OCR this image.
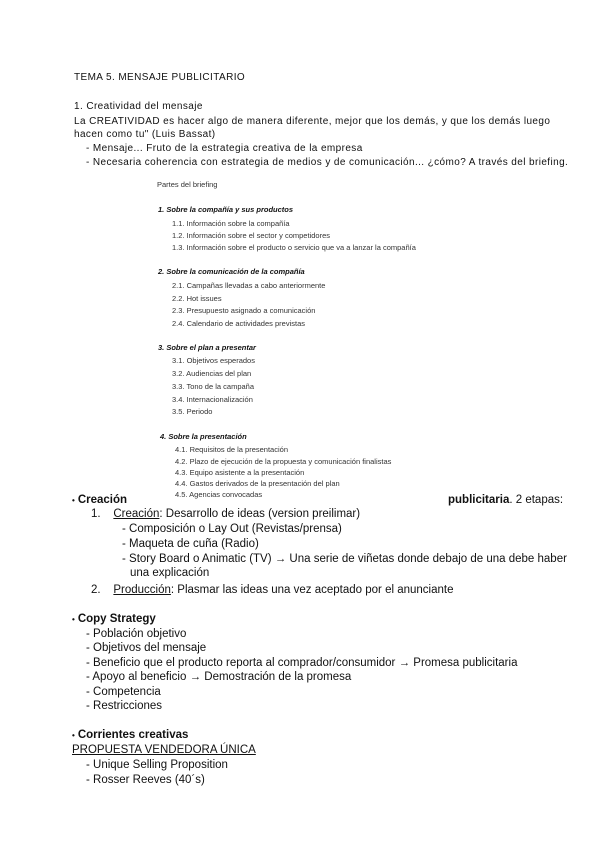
TEMA 5. MENSAJE PUBLICITARIO
1. Creatividad del mensaje
La CREATIVIDAD es hacer algo de manera diferente, mejor que los demás, y que los demás luego
hacen como tu" (Luis Bassat)
- Mensaje... Fruto de la estrategia creativa de la empresa
- Necesaria coherencia con estrategia de medios y de comunicación... ¿cómo? A través del briefing.
Partes del briefing
1. Sobre la compañía y sus productos
1.1. Información sobre la compañía
1.2. Información sobre el sector y competidores
1.3. Información sobre el producto o servicio que va a lanzar la compañía
2. Sobre la comunicación de la compañía
2.1. Campañas llevadas a cabo anteriormente
2.2. Hot issues
2.3. Presupuesto asignado a comunicación
2.4. Calendario de actividades previstas
3. Sobre el plan a presentar
3.1. Objetivos esperados
3.2. Audiencias del plan
3.3. Tono de la campaña
3.4. Internacionalización
3.5. Periodo
4. Sobre la presentación
4.1. Requisitos de la presentación
4.2. Plazo de ejecución de la propuesta y comunicación finalistas
4.3. Equipo asistente a la presentación
4.4. Gastos derivados de la presentación del plan
4.5. Agencias convocadas
• Creación	publicitaria. 2 etapas:
1. Creación: Desarrollo de ideas (version preilimar)
- Composición o Lay Out (Revistas/prensa)
- Maqueta de cuña (Radio)
- Story Board o Animatic (TV) → Una serie de viñetas donde debajo de una debe haber
una explicación
2. Producción: Plasmar las ideas una vez aceptado por el anunciante
• Copy Strategy
- Población objetivo
- Objetivos del mensaje
- Beneficio que el producto reporta al comprador/consumidor → Promesa publicitaria
- Apoyo al beneficio → Demostración de la promesa
- Competencia
- Restricciones
• Corrientes creativas
PROPUESTA VENDEDORA ÚNICA
- Unique Selling Proposition
- Rosser Reeves (40´s)
